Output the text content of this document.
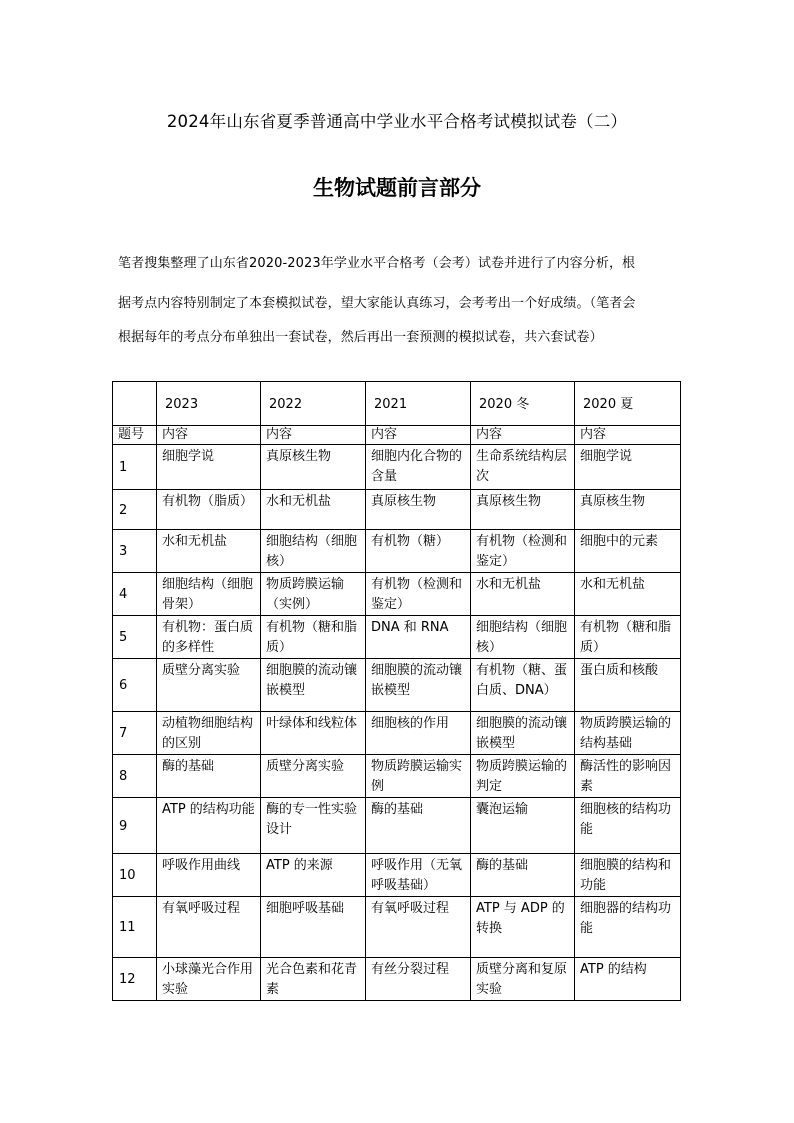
2024年山东省夏季普通高中学业水平合格考试模拟试卷（二）
生物试题前言部分

笔者搜集整理了山东省2020-2023年学业水平合格考（会考）试卷并进行了内容分析，根

据考点内容特别制定了本套模拟试卷，望大家能认真练习，会考考出一个好成绩。（笔者会

根据每年的考点分布单独出一套试卷，然后再出一套预测的模拟试卷，共六套试卷）

	2023	2022	2021	2020 冬	2020 夏
题号	内容	内容	内容	内容	内容
1	细胞学说	真原核生物	细胞内化合物的含量	生命系统结构层次	细胞学说
2	有机物（脂质）	水和无机盐	真原核生物	真原核生物	真原核生物
3	水和无机盐	细胞结构（细胞核）	有机物（糖）	有机物（检测和鉴定）	细胞中的元素
4	细胞结构（细胞骨架）	物质跨膜运输（实例）	有机物（检测和鉴定）	水和无机盐	水和无机盐
5	有机物：蛋白质的多样性	有机物（糖和脂质）	DNA 和 RNA	细胞结构（细胞核）	有机物（糖和脂质）
6	质壁分离实验	细胞膜的流动镶嵌模型	细胞膜的流动镶嵌模型	有机物（糖、蛋白质、DNA）	蛋白质和核酸
7	动植物细胞结构的区别	叶绿体和线粒体	细胞核的作用	细胞膜的流动镶嵌模型	物质跨膜运输的结构基础
8	酶的基础	质壁分离实验	物质跨膜运输实例	物质跨膜运输的判定	酶活性的影响因素
9	ATP 的结构功能	酶的专一性实验设计	酶的基础	囊泡运输	细胞核的结构功能
10	呼吸作用曲线	ATP 的来源	呼吸作用（无氧呼吸基础）	酶的基础	细胞膜的结构和功能
11	有氧呼吸过程	细胞呼吸基础	有氧呼吸过程	ATP 与 ADP 的转换	细胞器的结构功能
12	小球藻光合作用实验	光合色素和花青素	有丝分裂过程	质壁分离和复原实验	ATP 的结构
